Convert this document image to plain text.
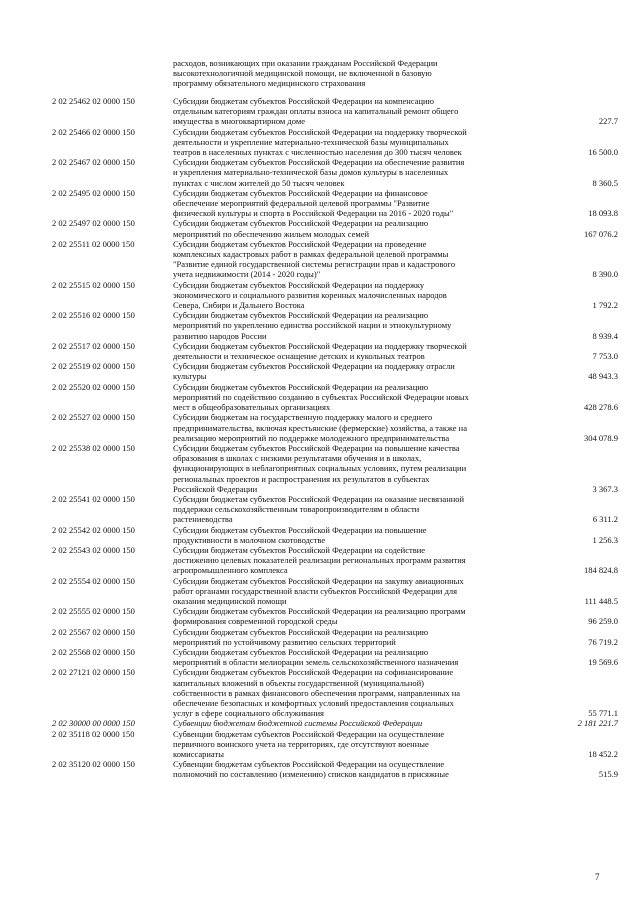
расходов, возникающих при оказании гражданам Российской Федерации
высокотехнологичной медицинской помощи, не включенной в базовую
программу обязательного медицинского страхования
2 02 25462 02 0000 150	Субсидии бюджетам субъектов Российской Федерации на компенсацию
отдельным категориям граждан оплаты взноса на капитальный ремонт общего
имущества в многоквартирном доме	227.7
2 02 25466 02 0000 150	Субсидии бюджетам субъектов Российской Федерации на поддержку творческой
деятельности и укрепление материально-технической базы муниципальных
театров в населенных пунктах с численностью населения до 300 тысяч человек	16 500.0
2 02 25467 02 0000 150	Субсидии бюджетам субъектов Российской Федерации на обеспечение развития
и укрепления материально-технической базы домов культуры в населенных
пунктах с числом жителей до 50 тысяч человек	8 360.5
2 02 25495 02 0000 150	Субсидии бюджетам субъектов Российской Федерации на финансовое
обеспечение мероприятий федеральной целевой программы "Развитие
физической культуры и спорта в Российской Федерации на 2016 - 2020 годы"	18 093.8
2 02 25497 02 0000 150	Субсидии бюджетам субъектов Российской Федерации на реализацию
мероприятий по обеспечению жильем молодых семей	167 076.2
2 02 25511 02 0000 150	Субсидии бюджетам субъектов Российской Федерации на проведение
комплексных кадастровых работ в рамках федеральной целевой программы
"Развитие единой государственной системы регистрации прав и кадастрового
учета недвижимости (2014 - 2020 годы)"	8 390.0
2 02 25515 02 0000 150	Субсидии бюджетам субъектов Российской Федерации на поддержку
экономического и социального развития коренных малочисленных народов
Севера, Сибири и Дальнего Востока	1 792.2
2 02 25516 02 0000 150	Субсидии бюджетам субъектов Российской Федерации на реализацию
мероприятий по укреплению единства российской нации и этнокультурному
развитию народов России	8 939.4
2 02 25517 02 0000 150	Субсидии бюджетам субъектов Российской Федерации на поддержку творческой
деятельности и техническое оснащение детских и кукольных театров	7 753.0
2 02 25519 02 0000 150	Субсидии бюджетам субъектов Российской Федерации на поддержку отрасли
культуры	48 943.3
2 02 25520 02 0000 150	Субсидии бюджетам субъектов Российской Федерации на реализацию
мероприятий по содействию созданию в субъектах Российской Федерации новых
мест в общеобразовательных организациях	428 278.6
2 02 25527 02 0000 150	Субсидии бюджетам на государственную поддержку малого и среднего
предпринимательства, включая крестьянские (фермерские) хозяйства, а также на
реализацию мероприятий по поддержке молодежного предпринимательства	304 078.9
2 02 25538 02 0000 150	Субсидии бюджетам субъектов Российской Федерации на повышение качества
образования в школах с низкими результатами обучения и в школах,
функционирующих в неблагоприятных социальных условиях, путем реализации
региональных проектов и распространения их результатов в субъектах
Российской Федерации	3 367.3
2 02 25541 02 0000 150	Субсидии бюджетам субъектов Российской Федерации на оказание несвязанной
поддержки сельскохозяйственным товаропроизводителям в области
растениеводства	6 311.2
2 02 25542 02 0000 150	Субсидии бюджетам субъектов Российской Федерации на повышение
продуктивности в молочном скотоводстве	1 256.3
2 02 25543 02 0000 150	Субсидии бюджетам субъектов Российской Федерации на содействие
достижению целевых показателей реализации региональных программ развития
агропромышленного комплекса	184 824.8
2 02 25554 02 0000 150	Субсидии бюджетам субъектов Российской Федерации на закупку авиационных
работ органами государственной власти субъектов Российской Федерации для
оказания медицинской помощи	111 448.5
2 02 25555 02 0000 150	Субсидии бюджетам субъектов Российской Федерации на реализацию программ
формирования современной городской среды	96 259.0
2 02 25567 02 0000 150	Субсидии бюджетам субъектов Российской Федерации на реализацию
мероприятий по устойчивому развитию сельских территорий	76 719.2
2 02 25568 02 0000 150	Субсидии бюджетам субъектов Российской Федерации на реализацию
мероприятий в области мелиорации земель сельскохозяйственного назначения	19 569.6
2 02 27121 02 0000 150	Субсидии бюджетам субъектов Российской Федерации на софинансирование
капитальных вложений в объекты государственной (муниципальной)
собственности в рамках финансового обеспечения программ, направленных на
обеспечение безопасных и комфортных условий предоставления социальных
услуг в сфере социального обслуживания	55 771.1
2 02 30000 00 0000 150	Субвенции бюджетам бюджетной системы Российской Федерации	2 181 221.7
2 02 35118 02 0000 150	Субвенции бюджетам субъектов Российской Федерации на осуществление
первичного воинского учета на территориях, где отсутствуют военные
комиссариаты	18 452.2
2 02 35120 02 0000 150	Субвенции бюджетам субъектов Российской Федерации на осуществление
полномочий по составлению (изменению) списков кандидатов в присяжные	515.9
7
